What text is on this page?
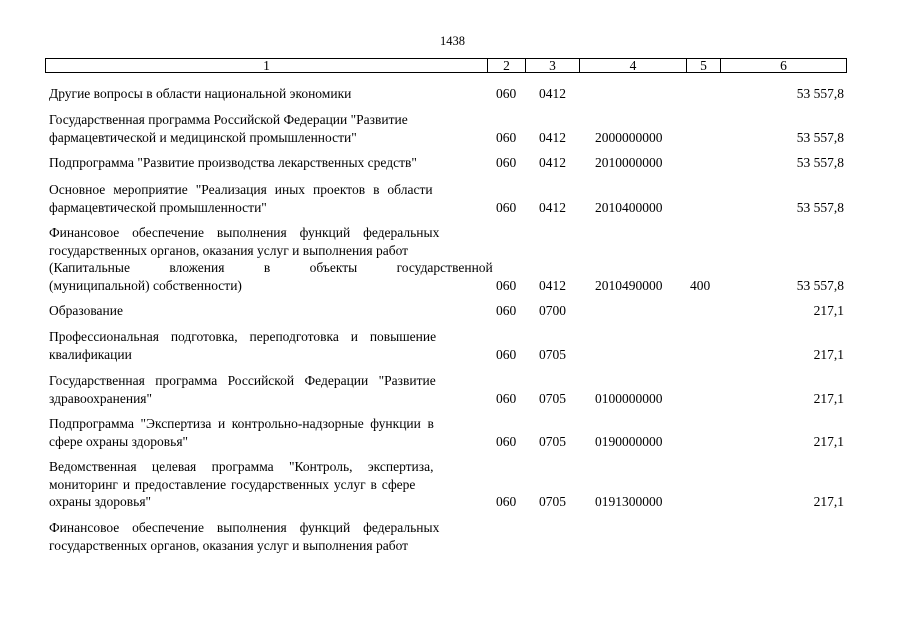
1438
1	2	3	4	5	6
Другие вопросы в области национальной экономики	060 0412	53 557,8
Государственная программа Российской Федерации "Развитие
фармацевтической и медицинской промышленности"	060 0412 2000000000	53 557,8
Подпрограмма "Развитие производства лекарственных средств"	060 0412 2010000000	53 557,8
Основное мероприятие "Реализация иных проектов в области
фармацевтической промышленности"	060 0412 2010400000	53 557,8
Финансовое обеспечение выполнения функций федеральных
государственных органов, оказания услуг и выполнения работ
(Капитальные вложения в объекты государственной
(муниципальной) собственности)	060 0412 2010490000 400	53 557,8
Образование	060 0700	217,1
Профессиональная подготовка, переподготовка и повышение
квалификации	060 0705	217,1
Государственная программа Российской Федерации "Развитие
здравоохранения"	060 0705 0100000000	217,1
Подпрограмма "Экспертиза и контрольно-надзорные функции в
сфере охраны здоровья"	060 0705 0190000000	217,1
Ведомственная целевая программа "Контроль, экспертиза,
мониторинг и предоставление государственных услуг в сфере
охраны здоровья"	060 0705 0191300000	217,1
Финансовое обеспечение выполнения функций федеральных
государственных органов, оказания услуг и выполнения работ
